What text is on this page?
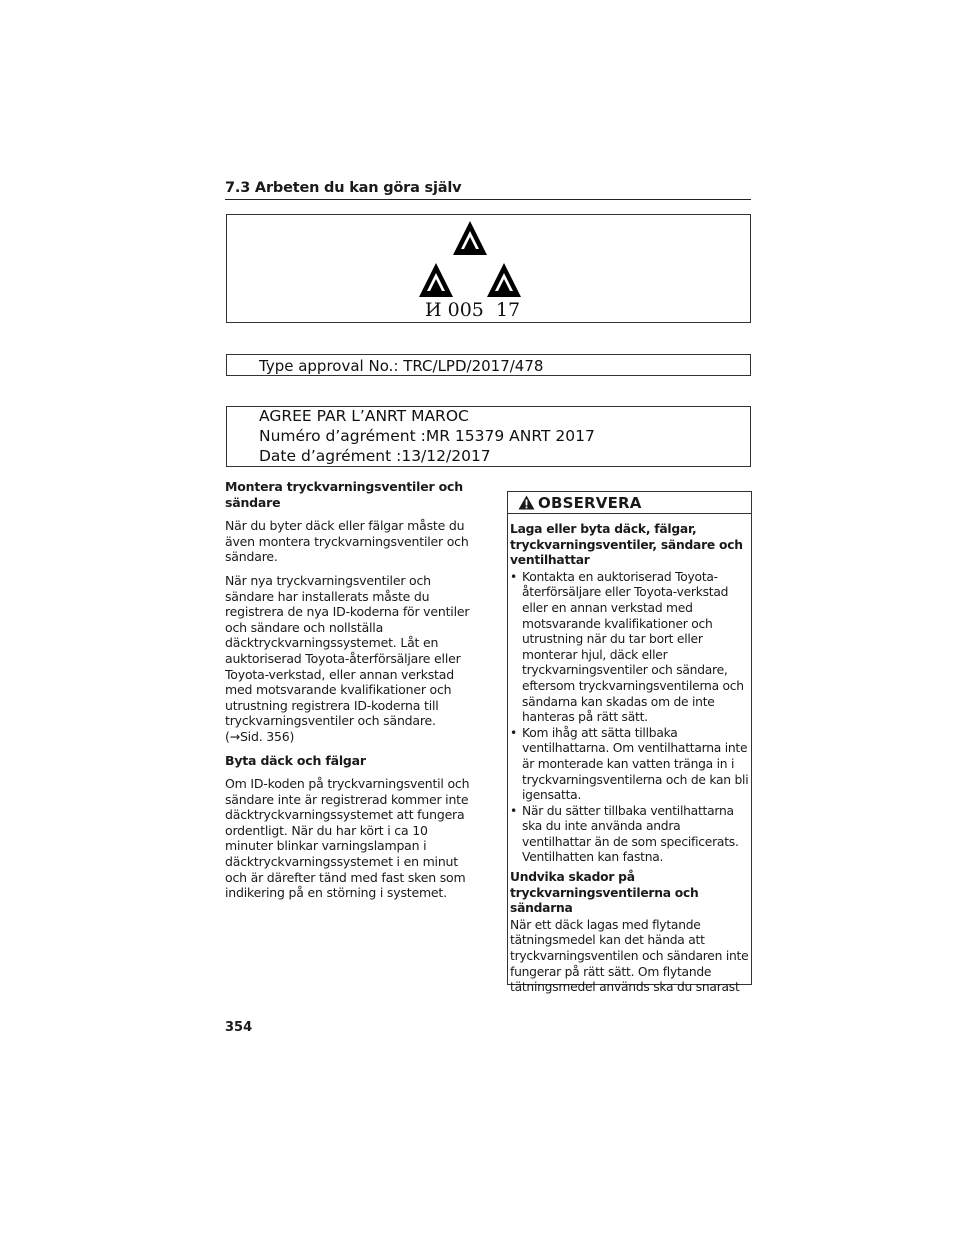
7.3 Arbeten du kan göra själv
И 005  17
Type approval No.: TRC/LPD/2017/478
AGREE PAR L’ANRT MAROC
Numéro d’agrément :MR 15379 ANRT 2017
Date d’agrément :13/12/2017
Montera tryckvarningsventiler och sändare

När du byter däck eller fälgar måste du även montera tryckvarningsventiler och sändare.

När nya tryckvarningsventiler och sändare har installerats måste du registrera de nya ID-koderna för ventiler och sändare och nollställa däcktryckvarningssystemet. Låt en auktoriserad Toyota-återförsäljare eller Toyota-verkstad, eller annan verkstad med motsvarande kvalifikationer och utrustning registrera ID-koderna till tryckvarningsventiler och sändare. (→Sid. 356)

Byta däck och fälgar

Om ID-koden på tryckvarningsventil och sändare inte är registrerad kommer inte däcktryckvarningssystemet att fungera ordentligt. När du har kört i ca 10 minuter blinkar varningslampan i däcktryckvarningssystemet i en minut och är därefter tänd med fast sken som indikering på en störning i systemet.

OBSERVERA
Laga eller byta däck, fälgar, tryckvarningsventiler, sändare och ventilhattar
• Kontakta en auktoriserad Toyota-återförsäljare eller Toyota-verkstad eller en annan verkstad med motsvarande kvalifikationer och utrustning när du tar bort eller monterar hjul, däck eller tryckvarningsventiler och sändare, eftersom tryckvarningsventilerna och sändarna kan skadas om de inte hanteras på rätt sätt.
• Kom ihåg att sätta tillbaka ventilhattarna. Om ventilhattarna inte är monterade kan vatten tränga in i tryckvarningsventilerna och de kan bli igensatta.
• När du sätter tillbaka ventilhattarna ska du inte använda andra ventilhattar än de som specificerats. Ventilhatten kan fastna.
Undvika skador på tryckvarningsventilerna och sändarna

När ett däck lagas med flytande tätningsmedel kan det hända att tryckvarningsventilen och sändaren inte fungerar på rätt sätt. Om flytande tätningsmedel används ska du snarast

354
